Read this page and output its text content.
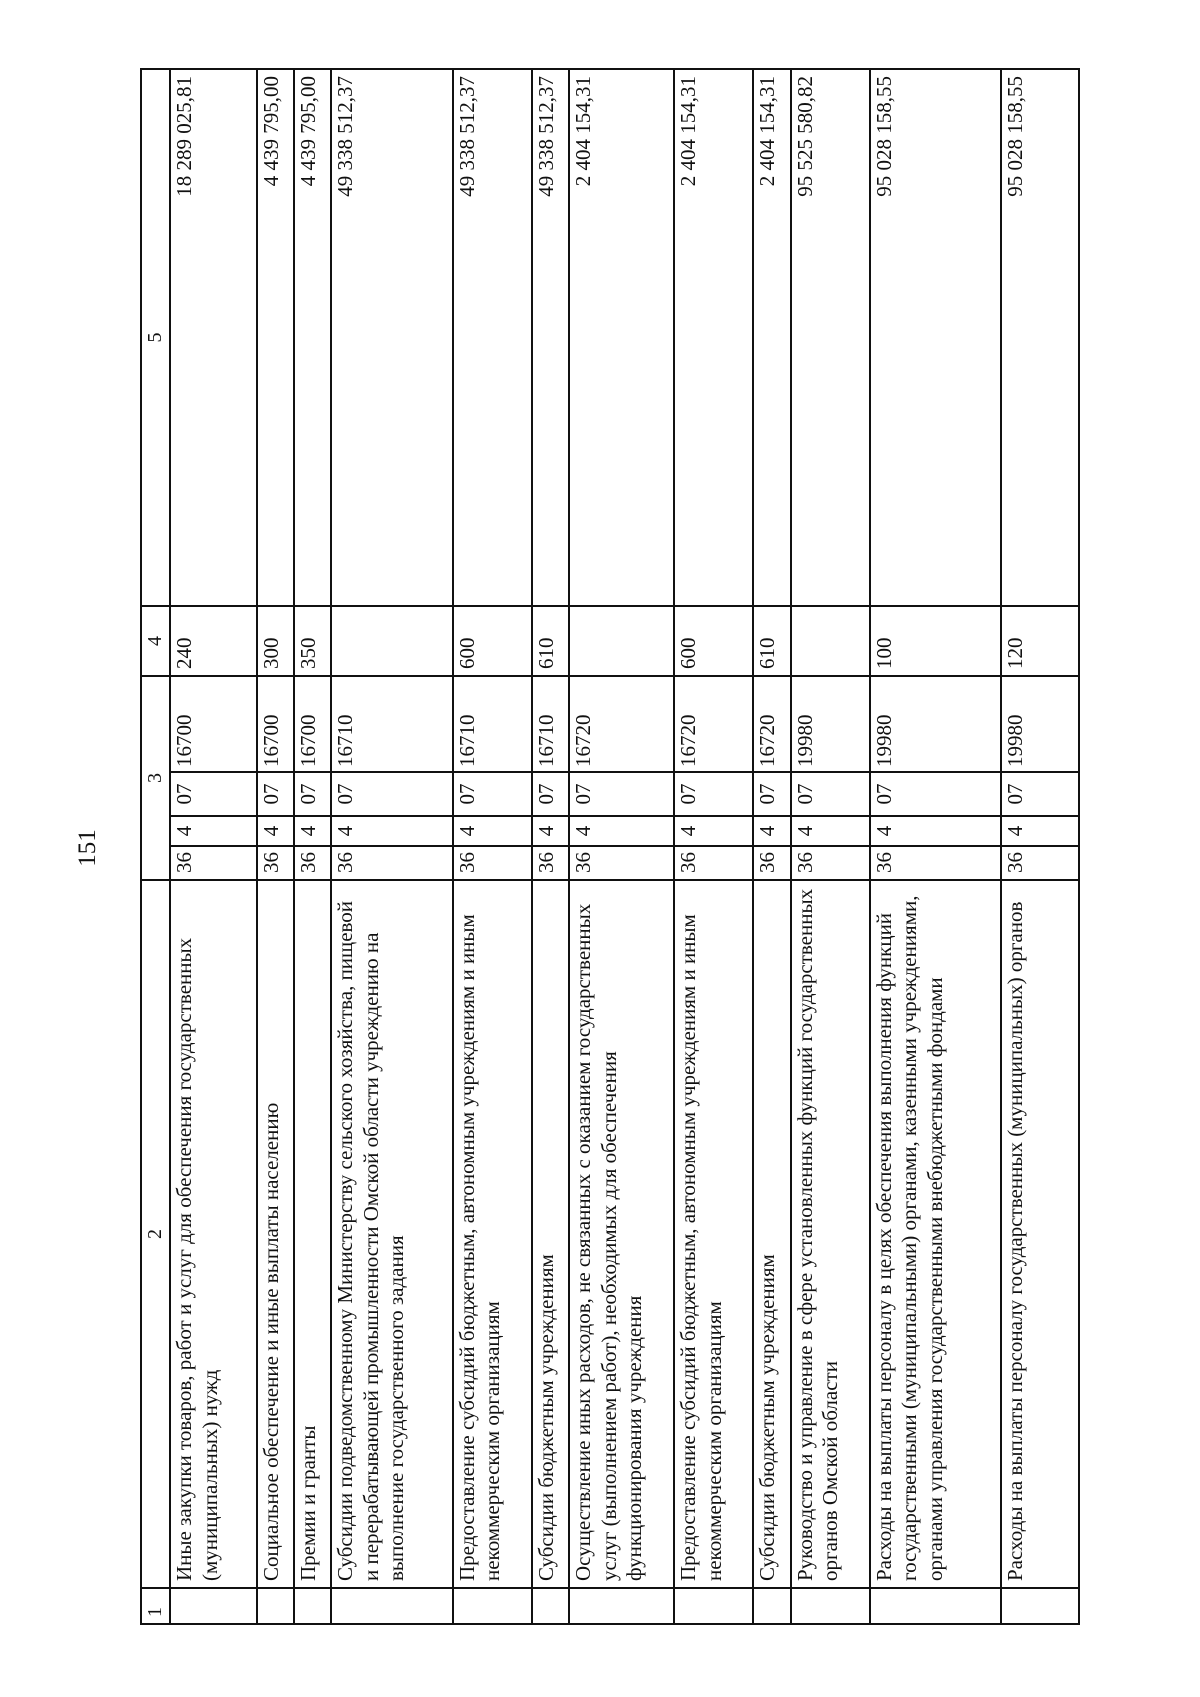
151
1	2	3				4	5
	Иные закупки товаров, работ и услуг для обеспечения государственных (муниципальных) нужд	36	4	07	16700	240	18 289 025,81
	Социальное обеспечение и иные выплаты населению	36	4	07	16700	300	4 439 795,00
	Премии и гранты	36	4	07	16700	350	4 439 795,00
	Субсидии подведомственному Министерству сельского хозяйства, пищевой и перерабатывающей промышленности Омской области учреждению на выполнение государственного задания	36	4	07	16710		49 338 512,37
	Предоставление субсидий бюджетным, автономным учреждениям и иным некоммерческим организациям	36	4	07	16710	600	49 338 512,37
	Субсидии бюджетным учреждениям	36	4	07	16710	610	49 338 512,37
	Осуществление иных расходов, не связанных с оказанием государственных услуг (выполнением работ), необходимых для обеспечения функционирования учреждения	36	4	07	16720		2 404 154,31
	Предоставление субсидий бюджетным, автономным учреждениям и иным некоммерческим организациям	36	4	07	16720	600	2 404 154,31
	Субсидии бюджетным учреждениям	36	4	07	16720	610	2 404 154,31
	Руководство и управление в сфере установленных функций государственных органов Омской области	36	4	07	19980		95 525 580,82
	Расходы на выплаты персоналу в целях обеспечения выполнения функций государственными (муниципальными) органами, казенными учреждениями, органами управления государственными внебюджетными фондами	36	4	07	19980	100	95 028 158,55
	Расходы на выплаты персоналу государственных (муниципальных) органов	36	4	07	19980	120	95 028 158,55
